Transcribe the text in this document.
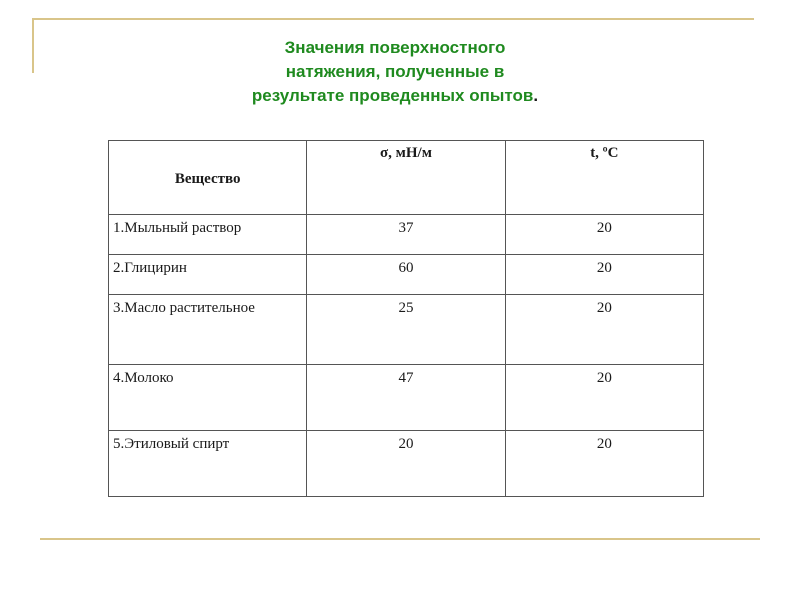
Значения поверхностного
натяжения, полученные в
результате проведенных опытов.
Вещество	σ, мН/м	t, ºC
1.Мыльный раствор	37	20
2.Глицирин	60	20
3.Масло растительное	25	20
4.Молоко	47	20
5.Этиловый спирт	20	20
